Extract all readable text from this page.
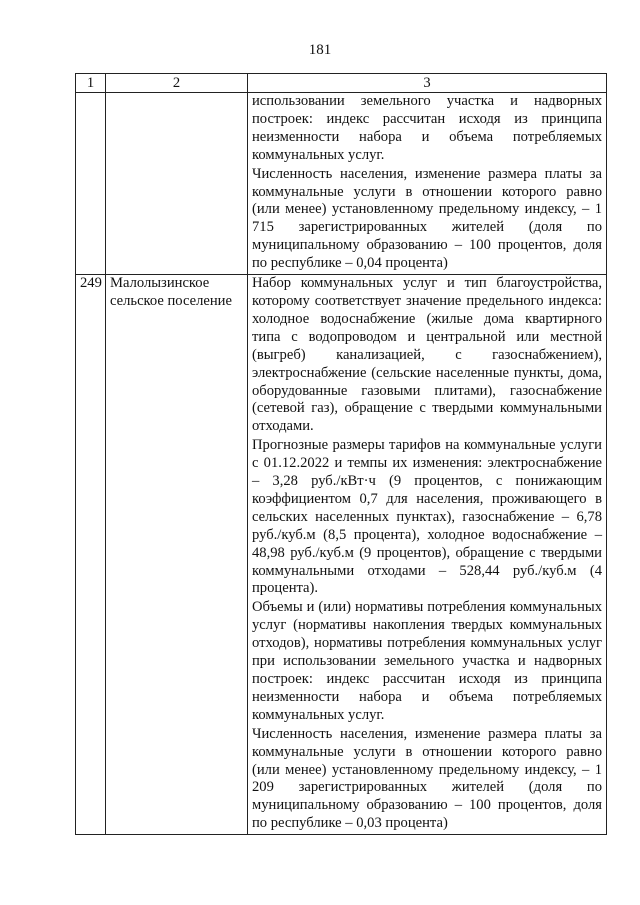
181
1	2	3

		использовании земельного участка и надворных построек: индекс рассчитан исходя из принципа неизменности набора и объема потребляемых коммунальных услуг.

Численность населения, изменение размера платы за коммунальные услуги в отношении которого равно (или менее) установленному предельному индексу, – 1 715 зарегистрированных жителей (доля по муниципальному образованию – 100 процентов, доля по республике – 0,04 процента)

249	Малолызинское сельское поселение	Набор коммунальных услуг и тип благоустройства, которому соответствует значение предельного индекса: холодное водоснабжение (жилые дома квартирного типа с водопроводом и центральной или местной (выгреб) канализацией, с газоснабжением), электроснабжение (сельские населенные пункты, дома, оборудованные газовыми плитами), газоснабжение (сетевой газ), обращение с твердыми коммунальными отходами.

Прогнозные размеры тарифов на коммунальные услуги с 01.12.2022 и темпы их изменения: электроснабжение – 3,28 руб./кВт·ч (9 процентов, с понижающим коэффициентом 0,7 для населения, проживающего в сельских населенных пунктах), газоснабжение – 6,78 руб./куб.м (8,5 процента), холодное водоснабжение – 48,98 руб./куб.м (9 процентов), обращение с твердыми коммунальными отходами – 528,44 руб./куб.м (4 процента).

Объемы и (или) нормативы потребления коммунальных услуг (нормативы накопления твердых коммунальных отходов), нормативы потребления коммунальных услуг при использовании земельного участка и надворных построек: индекс рассчитан исходя из принципа неизменности набора и объема потребляемых коммунальных услуг.

Численность населения, изменение размера платы за коммунальные услуги в отношении которого равно (или менее) установленному предельному индексу, – 1 209 зарегистрированных жителей (доля по муниципальному образованию – 100 процентов, доля по республике – 0,03 процента)
